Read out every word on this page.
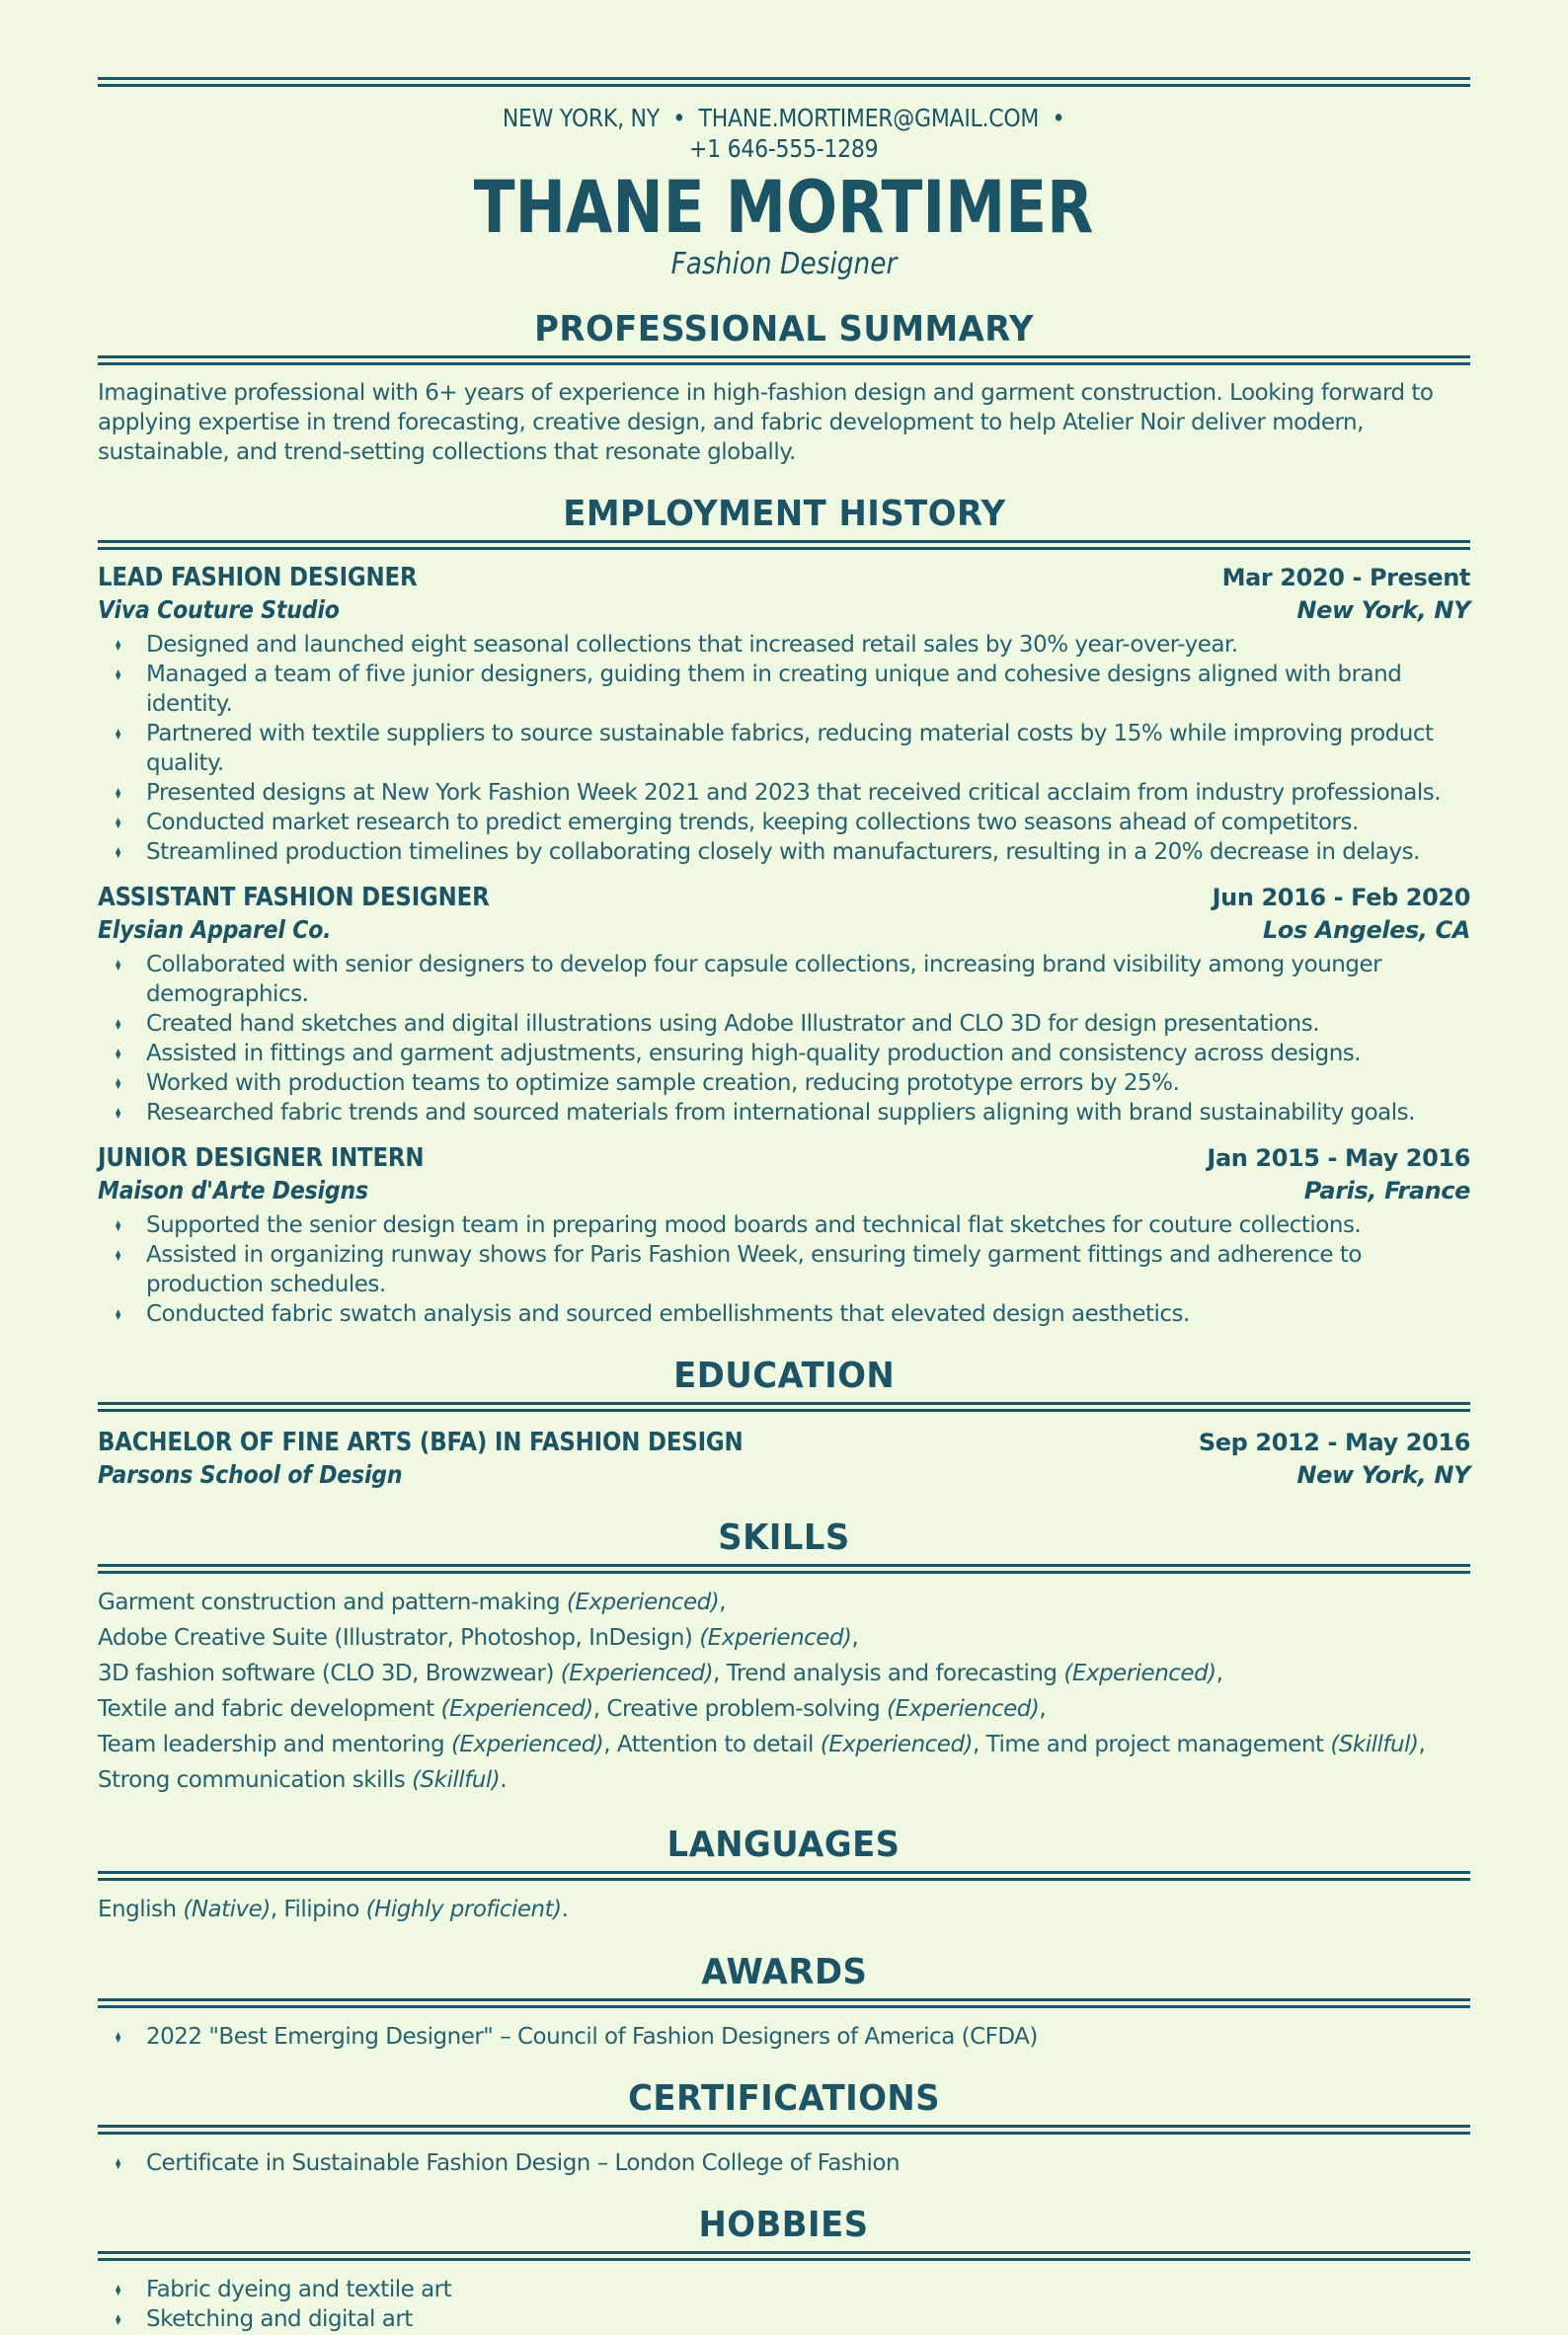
NEW YORK, NY  •  THANE.MORTIMER@GMAIL.COM  •
+1 646-555-1289
THANE MORTIMER
Fashion Designer
PROFESSIONAL SUMMARY
Imaginative professional with 6+ years of experience in high-fashion design and garment construction. Looking forward to applying expertise in trend forecasting, creative design, and fabric development to help Atelier Noir deliver modern, sustainable, and trend-setting collections that resonate globally.
EMPLOYMENT HISTORY
LEAD FASHION DESIGNER	Mar 2020 - Present
Viva Couture Studio	New York, NY
♦ Designed and launched eight seasonal collections that increased retail sales by 30% year-over-year.
♦ Managed a team of five junior designers, guiding them in creating unique and cohesive designs aligned with brand identity.
♦ Partnered with textile suppliers to source sustainable fabrics, reducing material costs by 15% while improving product quality.
♦ Presented designs at New York Fashion Week 2021 and 2023 that received critical acclaim from industry professionals.
♦ Conducted market research to predict emerging trends, keeping collections two seasons ahead of competitors.
♦ Streamlined production timelines by collaborating closely with manufacturers, resulting in a 20% decrease in delays.
ASSISTANT FASHION DESIGNER	Jun 2016 - Feb 2020
Elysian Apparel Co.	Los Angeles, CA
♦ Collaborated with senior designers to develop four capsule collections, increasing brand visibility among younger demographics.
♦ Created hand sketches and digital illustrations using Adobe Illustrator and CLO 3D for design presentations.
♦ Assisted in fittings and garment adjustments, ensuring high-quality production and consistency across designs.
♦ Worked with production teams to optimize sample creation, reducing prototype errors by 25%.
♦ Researched fabric trends and sourced materials from international suppliers aligning with brand sustainability goals.
JUNIOR DESIGNER INTERN	Jan 2015 - May 2016
Maison d'Arte Designs	Paris, France
♦ Supported the senior design team in preparing mood boards and technical flat sketches for couture collections.
♦ Assisted in organizing runway shows for Paris Fashion Week, ensuring timely garment fittings and adherence to production schedules.
♦ Conducted fabric swatch analysis and sourced embellishments that elevated design aesthetics.
EDUCATION
BACHELOR OF FINE ARTS (BFA) IN FASHION DESIGN	Sep 2012 - May 2016
Parsons School of Design	New York, NY
SKILLS
Garment construction and pattern-making (Experienced),
Adobe Creative Suite (Illustrator, Photoshop, InDesign) (Experienced),
3D fashion software (CLO 3D, Browzwear) (Experienced), Trend analysis and forecasting (Experienced),
Textile and fabric development (Experienced), Creative problem-solving (Experienced),
Team leadership and mentoring (Experienced), Attention to detail (Experienced), Time and project management (Skillful),
Strong communication skills (Skillful).
LANGUAGES
English (Native), Filipino (Highly proficient).
AWARDS
♦ 2022 "Best Emerging Designer" – Council of Fashion Designers of America (CFDA)
CERTIFICATIONS
♦ Certificate in Sustainable Fashion Design – London College of Fashion
HOBBIES
♦ Fabric dyeing and textile art
♦ Sketching and digital art
